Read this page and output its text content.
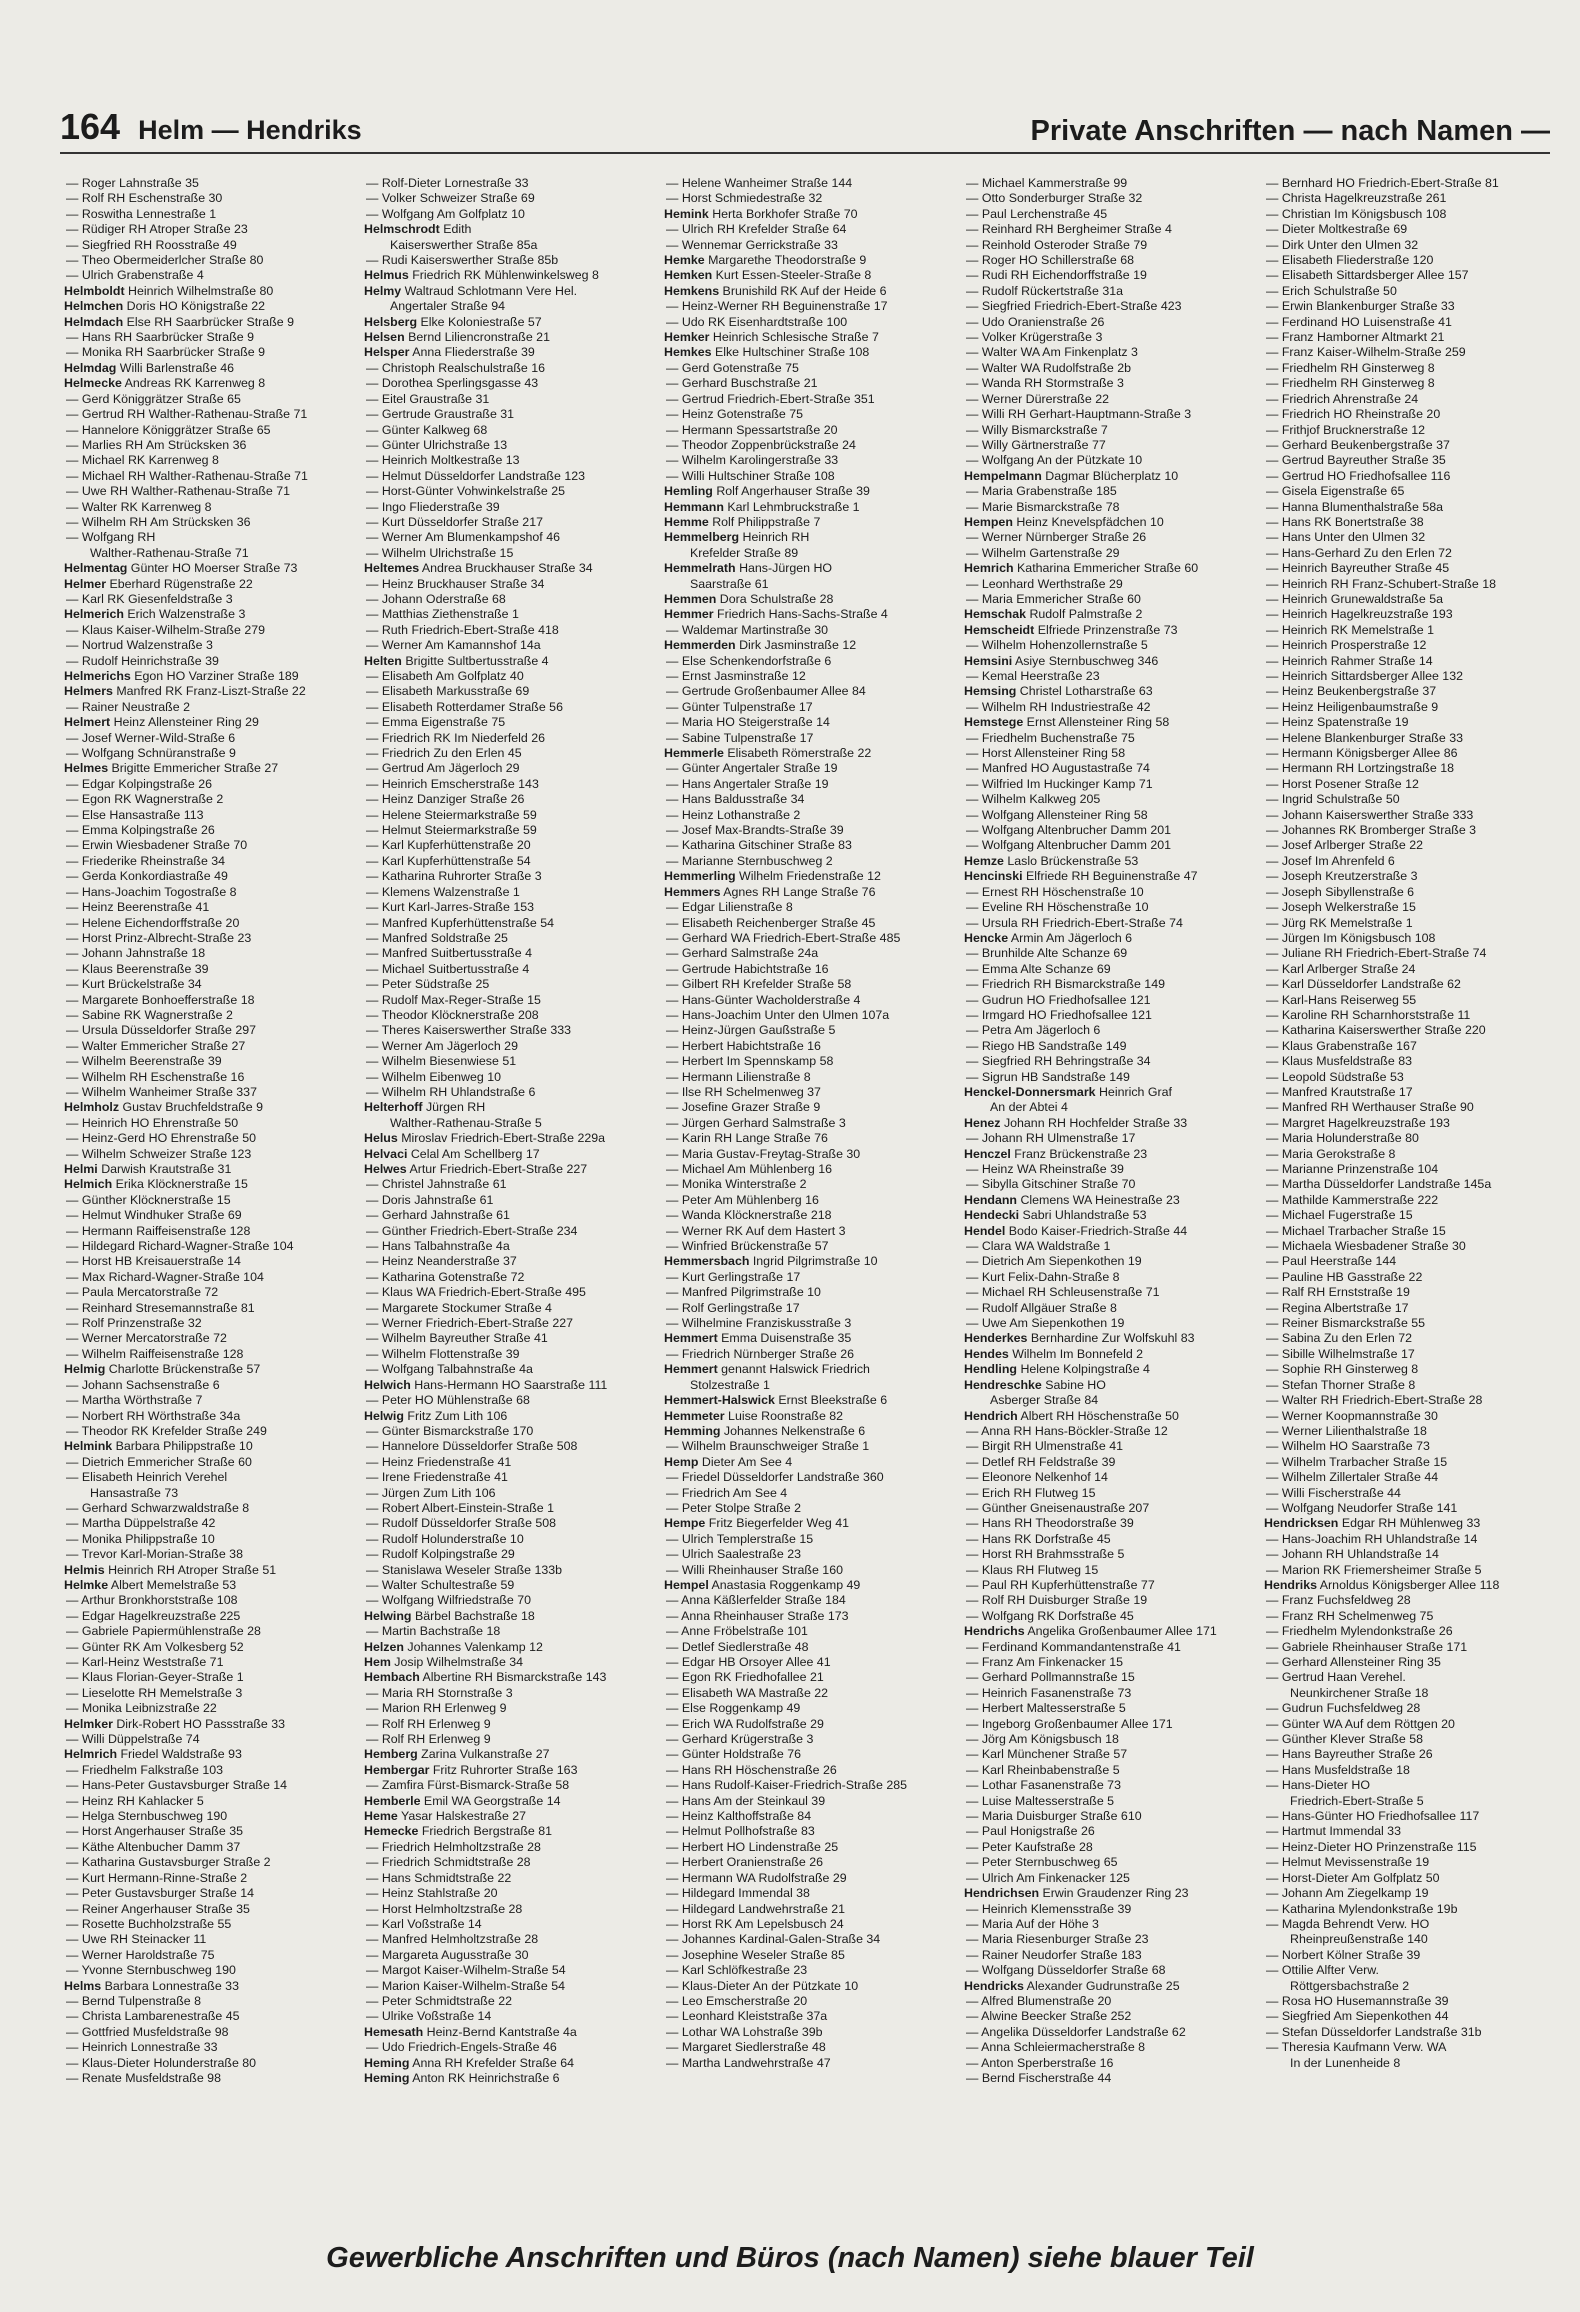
164 Helm — Hendriks	Private Anschriften — nach Namen —
— Roger Lahnstraße 35
— Rolf RH Eschenstraße 30
— Roswitha Lennestraße 1
— Rüdiger RH Atroper Straße 23
— Siegfried RH Roosstraße 49
— Theo Obermeiderlcher Straße 80
— Ulrich Grabenstraße 4
Helmboldt Heinrich Wilhelmstraße 80
Helmchen Doris HO Königstraße 22
Helmdach Else RH Saarbrücker Straße 9
— Hans RH Saarbrücker Straße 9
— Monika RH Saarbrücker Straße 9
Helmdag Willi Barlenstraße 46
Helmecke Andreas RK Karrenweg 8
— Gerd Königgrätzer Straße 65
— Gertrud RH Walther-Rathenau-Straße 71
— Hannelore Königgrätzer Straße 65
— Marlies RH Am Strücksken 36
— Michael RK Karrenweg 8
— Michael RH Walther-Rathenau-Straße 71
— Uwe RH Walther-Rathenau-Straße 71
— Walter RK Karrenweg 8
— Wilhelm RH Am Strücksken 36
— Wolfgang RH
Walther-Rathenau-Straße 71
Helmentag Günter HO Moerser Straße 73
Helmer Eberhard Rügenstraße 22
— Karl RK Giesenfeldstraße 3
Helmerich Erich Walzenstraße 3
— Klaus Kaiser-Wilhelm-Straße 279
— Nortrud Walzenstraße 3
— Rudolf Heinrichstraße 39
Helmerichs Egon HO Varziner Straße 189
Helmers Manfred RK Franz-Liszt-Straße 22
— Rainer Neustraße 2
Helmert Heinz Allensteiner Ring 29
— Josef Werner-Wild-Straße 6
— Wolfgang Schnüranstraße 9
Helmes Brigitte Emmericher Straße 27
— Edgar Kolpingstraße 26
— Egon RK Wagnerstraße 2
— Else Hansastraße 113
— Emma Kolpingstraße 26
— Erwin Wiesbadener Straße 70
— Friederike Rheinstraße 34
— Gerda Konkordiastraße 49
— Hans-Joachim Togostraße 8
— Heinz Beerenstraße 41
— Helene Eichendorffstraße 20
— Horst Prinz-Albrecht-Straße 23
— Johann Jahnstraße 18
— Klaus Beerenstraße 39
— Kurt Brückelstraße 34
— Margarete Bonhoefferstraße 18
— Sabine RK Wagnerstraße 2
— Ursula Düsseldorfer Straße 297
— Walter Emmericher Straße 27
— Wilhelm Beerenstraße 39
— Wilhelm RH Eschenstraße 16
— Wilhelm Wanheimer Straße 337
Helmholz Gustav Bruchfeldstraße 9
— Heinrich HO Ehrenstraße 50
— Heinz-Gerd HO Ehrenstraße 50
— Wilhelm Schweizer Straße 123
Helmi Darwish Krautstraße 31
Helmich Erika Klöcknerstraße 15
— Günther Klöcknerstraße 15
— Helmut Windhuker Straße 69
— Hermann Raiffeisenstraße 128
— Hildegard Richard-Wagner-Straße 104
— Horst HB Kreisauerstraße 14
— Max Richard-Wagner-Straße 104
— Paula Mercatorstraße 72
— Reinhard Stresemannstraße 81
— Rolf Prinzenstraße 32
— Werner Mercatorstraße 72
— Wilhelm Raiffeisenstraße 128
Helmig Charlotte Brückenstraße 57
— Johann Sachsenstraße 6
— Martha Wörthstraße 7
— Norbert RH Wörthstraße 34a
— Theodor RK Krefelder Straße 249
Helmink Barbara Philippstraße 10
— Dietrich Emmericher Straße 60
— Elisabeth Heinrich Verehel
Hansastraße 73
— Gerhard Schwarzwaldstraße 8
— Martha Düppelstraße 42
— Monika Philippstraße 10
— Trevor Karl-Morian-Straße 38
Helmis Heinrich RH Atroper Straße 51
Helmke Albert Memelstraße 53
— Arthur Bronkhorststraße 108
— Edgar Hagelkreuzstraße 225
— Gabriele Papiermühlenstraße 28
— Günter RK Am Volkesberg 52
— Karl-Heinz Weststraße 71
— Klaus Florian-Geyer-Straße 1
— Lieselotte RH Memelstraße 3
— Monika Leibnizstraße 22
Helmker Dirk-Robert HO Passstraße 33
— Willi Düppelstraße 74
Helmrich Friedel Waldstraße 93
— Friedhelm Falkstraße 103
— Hans-Peter Gustavsburger Straße 14
— Heinz RH Kahlacker 5
— Helga Sternbuschweg 190
— Horst Angerhauser Straße 35
— Käthe Altenbucher Damm 37
— Katharina Gustavsburger Straße 2
— Kurt Hermann-Rinne-Straße 2
— Peter Gustavsburger Straße 14
— Reiner Angerhauser Straße 35
— Rosette Buchholzstraße 55
— Uwe RH Steinacker 11
— Werner Haroldstraße 75
— Yvonne Sternbuschweg 190
Helms Barbara Lonnestraße 33
— Bernd Tulpenstraße 8
— Christa Lambarenestraße 45
— Gottfried Musfeldstraße 98
— Heinrich Lonnestraße 33
— Klaus-Dieter Holunderstraße 80
— Renate Musfeldstraße 98
— Rolf-Dieter Lornestraße 33
— Volker Schweizer Straße 69
— Wolfgang Am Golfplatz 10
Helmschrodt Edith
Kaiserswerther Straße 85a
— Rudi Kaiserswerther Straße 85b
Helmus Friedrich RK Mühlenwinkelsweg 8
Helmy Waltraud Schlotmann Vere Hel.
Angertaler Straße 94
Helsberg Elke Koloniestraße 57
Helsen Bernd Liliencronstraße 21
Helsper Anna Fliederstraße 39
— Christoph Realschulstraße 16
— Dorothea Sperlingsgasse 43
— Eitel Graustraße 31
— Gertrude Graustraße 31
— Günter Kalkweg 68
— Günter Ulrichstraße 13
— Heinrich Moltkestraße 13
— Helmut Düsseldorfer Landstraße 123
— Horst-Günter Vohwinkelstraße 25
— Ingo Fliederstraße 39
— Kurt Düsseldorfer Straße 217
— Werner Am Blumenkampshof 46
— Wilhelm Ulrichstraße 15
Heltemes Andrea Bruckhauser Straße 34
— Heinz Bruckhauser Straße 34
— Johann Oderstraße 68
— Matthias Ziethenstraße 1
— Ruth Friedrich-Ebert-Straße 418
— Werner Am Kamannshof 14a
Helten Brigitte Sultbertusstraße 4
— Elisabeth Am Golfplatz 40
— Elisabeth Markusstraße 69
— Elisabeth Rotterdamer Straße 56
— Emma Eigenstraße 75
— Friedrich RK Im Niederfeld 26
— Friedrich Zu den Erlen 45
— Gertrud Am Jägerloch 29
— Heinrich Emscherstraße 143
— Heinz Danziger Straße 26
— Helene Steiermarkstraße 59
— Helmut Steiermarkstraße 59
— Karl Kupferhüttenstraße 20
— Karl Kupferhüttenstraße 54
— Katharina Ruhrorter Straße 3
— Klemens Walzenstraße 1
— Kurt Karl-Jarres-Straße 153
— Manfred Kupferhüttenstraße 54
— Manfred Soldstraße 25
— Manfred Suitbertusstraße 4
— Michael Suitbertusstraße 4
— Peter Südstraße 25
— Rudolf Max-Reger-Straße 15
— Theodor Klöcknerstraße 208
— Theres Kaiserswerther Straße 333
— Werner Am Jägerloch 29
— Wilhelm Biesenwiese 51
— Wilhelm Eibenweg 10
— Wilhelm RH Uhlandstraße 6
Helterhoff Jürgen RH
Walther-Rathenau-Straße 5
Helus Miroslav Friedrich-Ebert-Straße 229a
Helvaci Celal Am Schellberg 17
Helwes Artur Friedrich-Ebert-Straße 227
— Christel Jahnstraße 61
— Doris Jahnstraße 61
— Gerhard Jahnstraße 61
— Günther Friedrich-Ebert-Straße 234
— Hans Talbahnstraße 4a
— Heinz Neanderstraße 37
— Katharina Gotenstraße 72
— Klaus WA Friedrich-Ebert-Straße 495
— Margarete Stockumer Straße 4
— Werner Friedrich-Ebert-Straße 227
— Wilhelm Bayreuther Straße 41
— Wilhelm Flottenstraße 39
— Wolfgang Talbahnstraße 4a
Helwich Hans-Hermann HO Saarstraße 111
— Peter HO Mühlenstraße 68
Helwig Fritz Zum Lith 106
— Günter Bismarckstraße 170
— Hannelore Düsseldorfer Straße 508
— Heinz Friedenstraße 41
— Irene Friedenstraße 41
— Jürgen Zum Lith 106
— Robert Albert-Einstein-Straße 1
— Rudolf Düsseldorfer Straße 508
— Rudolf Holunderstraße 10
— Rudolf Kolpingstraße 29
— Stanislawa Weseler Straße 133b
— Walter Schultestraße 59
— Wolfgang Wilfriedstraße 70
Helwing Bärbel Bachstraße 18
— Martin Bachstraße 18
Helzen Johannes Valenkamp 12
Hem Josip Wilhelmstraße 34
Hembach Albertine RH Bismarckstraße 143
— Maria RH Stornstraße 3
— Marion RH Erlenweg 9
— Rolf RH Erlenweg 9
— Rolf RH Erlenweg 9
Hemberg Zarina Vulkanstraße 27
Hembergar Fritz Ruhrorter Straße 163
— Zamfira Fürst-Bismarck-Straße 58
Hemberle Emil WA Georgstraße 14
Heme Yasar Halskestraße 27
Hemecke Friedrich Bergstraße 81
— Friedrich Helmholtzstraße 28
— Friedrich Schmidtstraße 28
— Hans Schmidtstraße 22
— Heinz Stahlstraße 20
— Horst Helmholtzstraße 28
— Karl Voßstraße 14
— Manfred Helmholtzstraße 28
— Margareta Augusstraße 30
— Margot Kaiser-Wilhelm-Straße 54
— Marion Kaiser-Wilhelm-Straße 54
— Peter Schmidtstraße 22
— Ulrike Voßstraße 14
Hemesath Heinz-Bernd Kantstraße 4a
— Udo Friedrich-Engels-Straße 46
Heming Anna RH Krefelder Straße 64
Heming Anton RK Heinrichstraße 6
— Helene Wanheimer Straße 144
— Horst Schmiedestraße 32
Hemink Herta Borkhofer Straße 70
— Ulrich RH Krefelder Straße 64
— Wennemar Gerrickstraße 33
Hemke Margarethe Theodorstraße 9
Hemken Kurt Essen-Steeler-Straße 8
Hemkens Brunishild RK Auf der Heide 6
— Heinz-Werner RH Beguinenstraße 17
— Udo RK Eisenhardtstraße 100
Hemker Heinrich Schlesische Straße 7
Hemkes Elke Hultschiner Straße 108
— Gerd Gotenstraße 75
— Gerhard Buschstraße 21
— Gertrud Friedrich-Ebert-Straße 351
— Heinz Gotenstraße 75
— Hermann Spessartstraße 20
— Theodor Zoppenbrückstraße 24
— Wilhelm Karolingerstraße 33
— Willi Hultschiner Straße 108
Hemling Rolf Angerhauser Straße 39
Hemmann Karl Lehmbruckstraße 1
Hemme Rolf Philippstraße 7
Hemmelberg Heinrich RH
Krefelder Straße 89
Hemmelrath Hans-Jürgen HO
Saarstraße 61
Hemmen Dora Schulstraße 28
Hemmer Friedrich Hans-Sachs-Straße 4
— Waldemar Martinstraße 30
Hemmerden Dirk Jasminstraße 12
— Else Schenkendorfstraße 6
— Ernst Jasminstraße 12
— Gertrude Großenbaumer Allee 84
— Günter Tulpenstraße 17
— Maria HO Steigerstraße 14
— Sabine Tulpenstraße 17
Hemmerle Elisabeth Römerstraße 22
— Günter Angertaler Straße 19
— Hans Angertaler Straße 19
— Hans Baldusstraße 34
— Heinz Lothanstraße 2
— Josef Max-Brandts-Straße 39
— Katharina Gitschiner Straße 83
— Marianne Sternbuschweg 2
Hemmerling Wilhelm Friedenstraße 12
Hemmers Agnes RH Lange Straße 76
— Edgar Lilienstraße 8
— Elisabeth Reichenberger Straße 45
— Gerhard WA Friedrich-Ebert-Straße 485
— Gerhard Salmstraße 24a
— Gertrude Habichtstraße 16
— Gilbert RH Krefelder Straße 58
— Hans-Günter Wacholderstraße 4
— Hans-Joachim Unter den Ulmen 107a
— Heinz-Jürgen Gaußstraße 5
— Herbert Habichtstraße 16
— Herbert Im Spennskamp 58
— Hermann Lilienstraße 8
— Ilse RH Schelmenweg 37
— Josefine Grazer Straße 9
— Jürgen Gerhard Salmstraße 3
— Karin RH Lange Straße 76
— Maria Gustav-Freytag-Straße 30
— Michael Am Mühlenberg 16
— Monika Winterstraße 2
— Peter Am Mühlenberg 16
— Wanda Klöcknerstraße 218
— Werner RK Auf dem Hastert 3
— Winfried Brückenstraße 57
Hemmersbach Ingrid Pilgrimstraße 10
— Kurt Gerlingstraße 17
— Manfred Pilgrimstraße 10
— Rolf Gerlingstraße 17
— Wilhelmine Franziskusstraße 3
Hemmert Emma Duisenstraße 35
— Friedrich Nürnberger Straße 26
Hemmert genannt Halswick Friedrich
Stolzestraße 1
Hemmert-Halswick Ernst Bleekstraße 6
Hemmeter Luise Roonstraße 82
Hemming Johannes Nelkenstraße 6
— Wilhelm Braunschweiger Straße 1
Hemp Dieter Am See 4
— Friedel Düsseldorfer Landstraße 360
— Friedrich Am See 4
— Peter Stolpe Straße 2
Hempe Fritz Biegerfelder Weg 41
— Ulrich Templerstraße 15
— Ulrich Saalestraße 23
— Willi Rheinhauser Straße 160
Hempel Anastasia Roggenkamp 49
— Anna Käßlerfelder Straße 184
— Anna Rheinhauser Straße 173
— Anne Fröbelstraße 101
— Detlef Siedlerstraße 48
— Edgar HB Orsoyer Allee 41
— Egon RK Friedhofallee 21
— Elisabeth WA Mastraße 22
— Else Roggenkamp 49
— Erich WA Rudolfstraße 29
— Gerhard Krügerstraße 3
— Günter Holdstraße 76
— Hans RH Höschenstraße 26
— Hans Rudolf-Kaiser-Friedrich-Straße 285
— Hans Am der Steinkaul 39
— Heinz Kalthoffstraße 84
— Helmut Pollhofstraße 83
— Herbert HO Lindenstraße 25
— Herbert Oranienstraße 26
— Hermann WA Rudolfstraße 29
— Hildegard Immendal 38
— Hildegard Landwehrstraße 21
— Horst RK Am Lepelsbusch 24
— Johannes Kardinal-Galen-Straße 34
— Josephine Weseler Straße 85
— Karl Schlöfkestraße 23
— Klaus-Dieter An der Pützkate 10
— Leo Emscherstraße 20
— Leonhard Kleiststraße 37a
— Lothar WA Lohstraße 39b
— Margaret Siedlerstraße 48
— Martha Landwehrstraße 47
— Michael Kammerstraße 99
— Otto Sonderburger Straße 32
— Paul Lerchenstraße 45
— Reinhard RH Bergheimer Straße 4
— Reinhold Osteroder Straße 79
— Roger HO Schillerstraße 68
— Rudi RH Eichendorffstraße 19
— Rudolf Rückertstraße 31a
— Siegfried Friedrich-Ebert-Straße 423
— Udo Oranienstraße 26
— Volker Krügerstraße 3
— Walter WA Am Finkenplatz 3
— Walter WA Rudolfstraße 2b
— Wanda RH Stormstraße 3
— Werner Dürerstraße 22
— Willi RH Gerhart-Hauptmann-Straße 3
— Willy Bismarckstraße 7
— Willy Gärtnerstraße 77
— Wolfgang An der Pützkate 10
Hempelmann Dagmar Blücherplatz 10
— Maria Grabenstraße 185
— Marie Bismarckstraße 78
Hempen Heinz Knevelspfädchen 10
— Werner Nürnberger Straße 26
— Wilhelm Gartenstraße 29
Hemrich Katharina Emmericher Straße 60
— Leonhard Werthstraße 29
— Maria Emmericher Straße 60
Hemschak Rudolf Palmstraße 2
Hemscheidt Elfriede Prinzenstraße 73
— Wilhelm Hohenzollernstraße 5
Hemsini Asiye Sternbuschweg 346
— Kemal Heerstraße 23
Hemsing Christel Lotharstraße 63
— Wilhelm RH Industriestraße 42
Hemstege Ernst Allensteiner Ring 58
— Friedhelm Buchenstraße 75
— Horst Allensteiner Ring 58
— Manfred HO Augustastraße 74
— Wilfried Im Huckinger Kamp 71
— Wilhelm Kalkweg 205
— Wolfgang Allensteiner Ring 58
— Wolfgang Altenbrucher Damm 201
— Wolfgang Altenbrucher Damm 201
Hemze Laslo Brückenstraße 53
Hencinski Elfriede RH Beguinenstraße 47
— Ernest RH Höschenstraße 10
— Eveline RH Höschenstraße 10
— Ursula RH Friedrich-Ebert-Straße 74
Hencke Armin Am Jägerloch 6
— Brunhilde Alte Schanze 69
— Emma Alte Schanze 69
— Friedrich RH Bismarckstraße 149
— Gudrun HO Friedhofsallee 121
— Irmgard HO Friedhofsallee 121
— Petra Am Jägerloch 6
— Riego HB Sandstraße 149
— Siegfried RH Behringstraße 34
— Sigrun HB Sandstraße 149
Henckel-Donnersmark Heinrich Graf
An der Abtei 4
Henez Johann RH Hochfelder Straße 33
— Johann RH Ulmenstraße 17
Henczel Franz Brückenstraße 23
— Heinz WA Rheinstraße 39
— Sibylla Gitschiner Straße 70
Hendann Clemens WA Heinestraße 23
Hendecki Sabri Uhlandstraße 53
Hendel Bodo Kaiser-Friedrich-Straße 44
— Clara WA Waldstraße 1
— Dietrich Am Siepenkothen 19
— Kurt Felix-Dahn-Straße 8
— Michael RH Schleusenstraße 71
— Rudolf Allgäuer Straße 8
— Uwe Am Siepenkothen 19
Henderkes Bernhardine Zur Wolfskuhl 83
Hendes Wilhelm Im Bonnefeld 2
Hendling Helene Kolpingstraße 4
Hendreschke Sabine HO
Asberger Straße 84
Hendrich Albert RH Höschenstraße 50
— Anna RH Hans-Böckler-Straße 12
— Birgit RH Ulmenstraße 41
— Detlef RH Feldstraße 39
— Eleonore Nelkenhof 14
— Erich RH Flutweg 15
— Günther Gneisenaustraße 207
— Hans RH Theodorstraße 39
— Hans RK Dorfstraße 45
— Horst RH Brahmsstraße 5
— Klaus RH Flutweg 15
— Paul RH Kupferhüttenstraße 77
— Rolf RH Duisburger Straße 19
— Wolfgang RK Dorfstraße 45
Hendrichs Angelika Großenbaumer Allee 171
— Ferdinand Kommandantenstraße 41
— Franz Am Finkenacker 15
— Gerhard Pollmannstraße 15
— Heinrich Fasanenstraße 73
— Herbert Maltesserstraße 5
— Ingeborg Großenbaumer Allee 171
— Jörg Am Königsbusch 18
— Karl Münchener Straße 57
— Karl Rheinbabenstraße 5
— Lothar Fasanenstraße 73
— Luise Maltesserstraße 5
— Maria Duisburger Straße 610
— Paul Honigstraße 26
— Peter Kaufstraße 28
— Peter Sternbuschweg 65
— Ulrich Am Finkenacker 125
Hendrichsen Erwin Graudenzer Ring 23
— Heinrich Klemensstraße 39
— Maria Auf der Höhe 3
— Maria Riesenburger Straße 23
— Rainer Neudorfer Straße 183
— Wolfgang Düsseldorfer Straße 68
Hendricks Alexander Gudrunstraße 25
— Alfred Blumenstraße 20
— Alwine Beecker Straße 252
— Angelika Düsseldorfer Landstraße 62
— Anna Schleiermacherstraße 8
— Anton Sperberstraße 16
— Bernd Fischerstraße 44
— Bernhard HO Friedrich-Ebert-Straße 81
— Christa Hagelkreuzstraße 261
— Christian Im Königsbusch 108
— Dieter Moltkestraße 69
— Dirk Unter den Ulmen 32
— Elisabeth Fliederstraße 120
— Elisabeth Sittardsberger Allee 157
— Erich Schulstraße 50
— Erwin Blankenburger Straße 33
— Ferdinand HO Luisenstraße 41
— Franz Hamborner Altmarkt 21
— Franz Kaiser-Wilhelm-Straße 259
— Friedhelm RH Ginsterweg 8
— Friedhelm RH Ginsterweg 8
— Friedrich Ahrenstraße 24
— Friedrich HO Rheinstraße 20
— Frithjof Brucknerstraße 12
— Gerhard Beukenbergstraße 37
— Gertrud Bayreuther Straße 35
— Gertrud HO Friedhofsallee 116
— Gisela Eigenstraße 65
— Hanna Blumenthalstraße 58a
— Hans RK Bonertstraße 38
— Hans Unter den Ulmen 32
— Hans-Gerhard Zu den Erlen 72
— Heinrich Bayreuther Straße 45
— Heinrich RH Franz-Schubert-Straße 18
— Heinrich Grunewaldstraße 5a
— Heinrich Hagelkreuzstraße 193
— Heinrich RK Memelstraße 1
— Heinrich Prosperstraße 12
— Heinrich Rahmer Straße 14
— Heinrich Sittardsberger Allee 132
— Heinz Beukenbergstraße 37
— Heinz Heiligenbaumstraße 9
— Heinz Spatenstraße 19
— Helene Blankenburger Straße 33
— Hermann Königsberger Allee 86
— Hermann RH Lortzingstraße 18
— Horst Posener Straße 12
— Ingrid Schulstraße 50
— Johann Kaiserswerther Straße 333
— Johannes RK Bromberger Straße 3
— Josef Arlberger Straße 22
— Josef Im Ahrenfeld 6
— Joseph Kreutzerstraße 3
— Joseph Sibyllenstraße 6
— Joseph Welkerstraße 15
— Jürg RK Memelstraße 1
— Jürgen Im Königsbusch 108
— Juliane RH Friedrich-Ebert-Straße 74
— Karl Arlberger Straße 24
— Karl Düsseldorfer Landstraße 62
— Karl-Hans Reiserweg 55
— Karoline RH Scharnhorststraße 11
— Katharina Kaiserswerther Straße 220
— Klaus Grabenstraße 167
— Klaus Musfeldstraße 83
— Leopold Südstraße 53
— Manfred Krautstraße 17
— Manfred RH Werthauser Straße 90
— Margret Hagelkreuzstraße 193
— Maria Holunderstraße 80
— Maria Gerokstraße 8
— Marianne Prinzenstraße 104
— Martha Düsseldorfer Landstraße 145a
— Mathilde Kammerstraße 222
— Michael Fugerstraße 15
— Michael Trarbacher Straße 15
— Michaela Wiesbadener Straße 30
— Paul Heerstraße 144
— Pauline HB Gasstraße 22
— Ralf RH Ernststraße 19
— Regina Albertstraße 17
— Reiner Bismarckstraße 55
— Sabina Zu den Erlen 72
— Sibille Wilhelmstraße 17
— Sophie RH Ginsterweg 8
— Stefan Thorner Straße 8
— Walter RH Friedrich-Ebert-Straße 28
— Werner Koopmannstraße 30
— Werner Lilienthalstraße 18
— Wilhelm HO Saarstraße 73
— Wilhelm Trarbacher Straße 15
— Wilhelm Zillertaler Straße 44
— Willi Fischerstraße 44
— Wolfgang Neudorfer Straße 141
Hendricksen Edgar RH Mühlenweg 33
— Hans-Joachim RH Uhlandstraße 14
— Johann RH Uhlandstraße 14
— Marion RK Friemersheimer Straße 5
Hendriks Arnoldus Königsberger Allee 118
— Franz Fuchsfeldweg 28
— Franz RH Schelmenweg 75
— Friedhelm Mylendonkstraße 26
— Gabriele Rheinhauser Straße 171
— Gerhard Allensteiner Ring 35
— Gertrud Haan Verehel.
Neunkirchener Straße 18
— Gudrun Fuchsfeldweg 28
— Günter WA Auf dem Röttgen 20
— Günther Klever Straße 58
— Hans Bayreuther Straße 26
— Hans Musfeldstraße 18
— Hans-Dieter HO
Friedrich-Ebert-Straße 5
— Hans-Günter HO Friedhofsallee 117
— Hartmut Immendal 33
— Heinz-Dieter HO Prinzenstraße 115
— Helmut Mevissenstraße 19
— Horst-Dieter Am Golfplatz 50
— Johann Am Ziegelkamp 19
— Katharina Mylendonkstraße 19b
— Magda Behrendt Verw. HO
Rheinpreußenstraße 140
— Norbert Kölner Straße 39
— Ottilie Alfter Verw.
Röttgersbachstraße 2
— Rosa HO Husemannstraße 39
— Siegfried Am Siepenkothen 44
— Stefan Düsseldorfer Landstraße 31b
— Theresia Kaufmann Verw. WA
In der Lunenheide 8
Gewerbliche Anschriften und Büros (nach Namen) siehe blauer Teil
